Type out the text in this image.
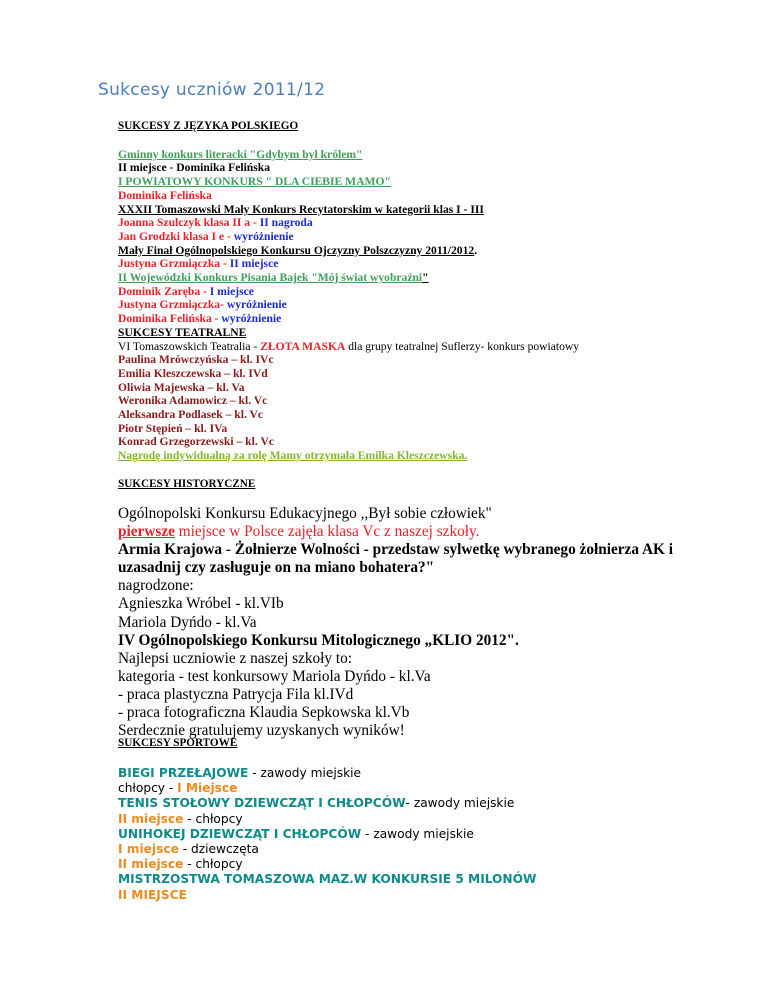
Sukcesy uczniów 2011/12
SUKCESY Z JĘZYKA POLSKIEGO
Gminny konkurs literacki "Gdybym był królem"
II miejsce - Dominika Felińska
I POWIATOWY KONKURS " DLA CIEBIE MAMO"
Dominika Felińska
XXXII Tomaszowski Mały Konkurs Recytatorskim w kategorii klas I - III
Joanna Szulczyk klasa II a - II nagroda
Jan Grodzki klasa I e - wyróżnienie
Mały Finał Ogólnopolskiego Konkursu Ojczyzny Polszczyzny 2011/2012.
Justyna Grzmiączka - II miejsce
II Wojewódzki Konkurs Pisania Bajek "Mój świat wyobraźni"
Dominik Zaręba - I miejsce
Justyna Grzmiączka- wyróżnienie
Dominika Felińska - wyróżnienie
SUKCESY TEATRALNE
VI Tomaszowskich Teatralia - ZŁOTA MASKA dla grupy teatralnej Suflerzy- konkurs powiatowy
Paulina Mrówczyńska – kl. IVc
Emilia Kleszczewska – kl. IVd
Oliwia Majewska – kl. Va
Weronika Adamowicz – kl. Vc
Aleksandra Podlasek – kl. Vc
Piotr Stępień – kl. IVa
Konrad Grzegorzewski – kl. Vc
Nagrodę indywidualną za rolę Mamy otrzymała Emilka Kleszczewska.
SUKCESY HISTORYCZNE
Ogólnopolski Konkursu Edukacyjnego ,,Był sobie człowiek"
pierwsze miejsce w Polsce zajęła klasa Vc z naszej szkoły.
Armia Krajowa - Żołnierze Wolności - przedstaw sylwetkę wybranego żołnierza AK i
uzasadnij czy zasługuje on na miano bohatera?"
nagrodzone:
Agnieszka Wróbel - kl.VIb
Mariola Dyńdo - kl.Va
IV Ogólnopolskiego Konkursu Mitologicznego „KLIO 2012".
Najlepsi uczniowie z naszej szkoły to:
kategoria - test konkursowy Mariola Dyńdo - kl.Va
- praca plastyczna Patrycja Fila kl.IVd
- praca fotograficzna Klaudia Sepkowska kl.Vb
Serdecznie gratulujemy uzyskanych wyników!
SUKCESY SPORTOWE
BIEGI PRZEŁAJOWE - zawody miejskie
chłopcy - I Miejsce
TENIS STOŁOWY DZIEWCZĄT I CHŁOPCÓW- zawody miejskie
II miejsce - chłopcy
UNIHOKEJ DZIEWCZĄT I CHŁOPCÓW - zawody miejskie
I miejsce - dziewczęta
II miejsce - chłopcy
MISTRZOSTWA TOMASZOWA MAZ.W KONKURSIE 5 MILONÓW
II MIEJSCE
